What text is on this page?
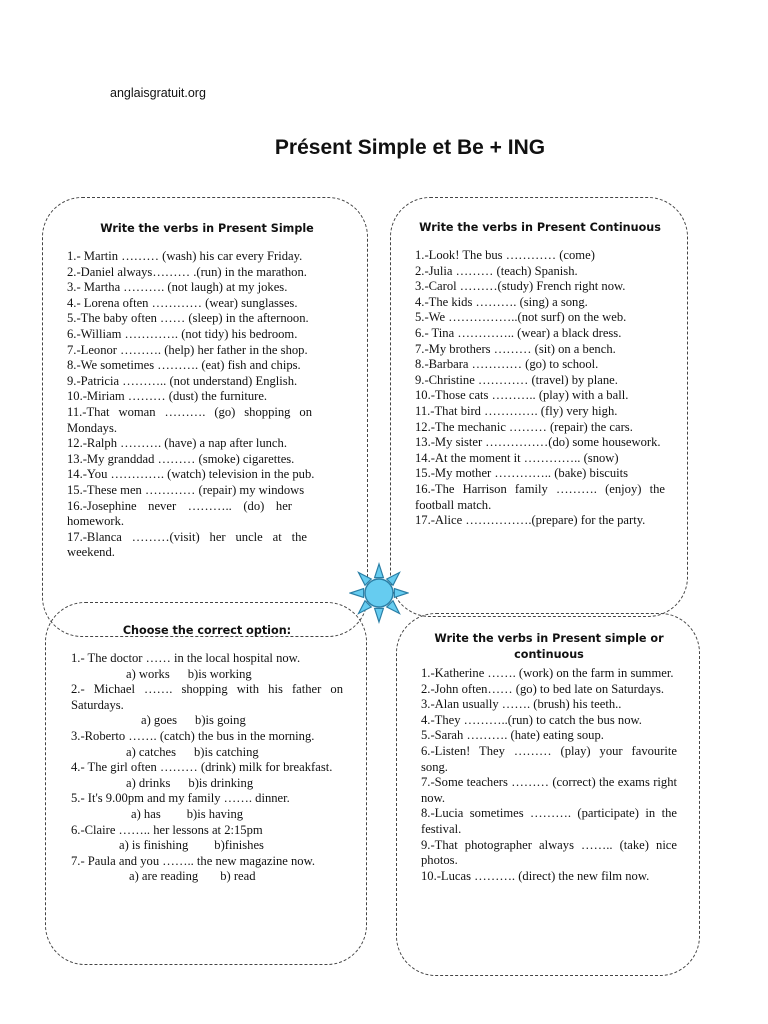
anglaisgratuit.org
Présent Simple et Be + ING
Write the verbs in Present Simple
1.- Martin ……… (wash) his car every Friday.
2.-Daniel always……… .(run) in the marathon.
3.- Martha ………. (not laugh) at my jokes.
4.- Lorena often ………… (wear) sunglasses.
5.-The baby often …… (sleep) in the afternoon.
6.-William …………. (not tidy) his bedroom.
7.-Leonor ………. (help) her father in the shop.
8.-We sometimes ………. (eat) fish and chips.
9.-Patricia ……….. (not understand) English.
10.-Miriam ……… (dust) the furniture.
11.-That woman ………. (go) shopping on Mondays.
12.-Ralph ………. (have) a nap after lunch.
13.-My granddad ……… (smoke) cigarettes.
14.-You …………. (watch) television in the pub.
15.-These men ………… (repair) my windows
16.-Josephine never ……….. (do) her homework.
17.-Blanca ………(visit) her uncle at the weekend.
Write the verbs in Present Continuous
1.-Look! The bus ………… (come)
2.-Julia ……… (teach) Spanish.
3.-Carol ………(study) French right now.
4.-The kids ………. (sing) a song.
5.-We ……………..(not surf) on the web.
6.- Tina ………….. (wear) a black dress.
7.-My brothers ……… (sit) on a bench.
8.-Barbara ………… (go) to school.
9.-Christine ………… (travel) by plane.
10.-Those cats ……….. (play) with a ball.
11.-That bird …………. (fly) very high.
12.-The mechanic ……… (repair) the cars.
13.-My sister ……………(do) some housework.
14.-At the moment it ………….. (snow)
15.-My mother ………….. (bake) biscuits
16.-The Harrison family ………. (enjoy) the football match.
17.-Alice …………….(prepare) for the party.
Choose the correct option:
1.- The doctor …… in the local hospital now.
a) works b)is working
2.- Michael ……. shopping with his father on Saturdays.
a) goes b)is going
3.-Roberto ……. (catch) the bus in the morning.
a) catches b)is catching
4.- The girl often ……… (drink) milk for breakfast.
a) drinks b)is drinking
5.- It's 9.00pm and my family ……. dinner.
a) has b)is having
6.-Claire …….. her lessons at 2:15pm
a) is finishing b)finishes
7.- Paula and you …….. the new magazine now.
a) are reading b) read
Write the verbs in Present simple or continuous
1.-Katherine ……. (work) on the farm in summer.
2.-John often…… (go) to bed late on Saturdays.
3.-Alan usually ……. (brush) his teeth..
4.-They ………..(run) to catch the bus now.
5.-Sarah ………. (hate) eating soup.
6.-Listen! They ……… (play) your favourite song.
7.-Some teachers ……… (correct) the exams right now.
8.-Lucia sometimes ………. (participate) in the festival.
9.-That photographer always …….. (take) nice photos.
10.-Lucas ………. (direct) the new film now.
